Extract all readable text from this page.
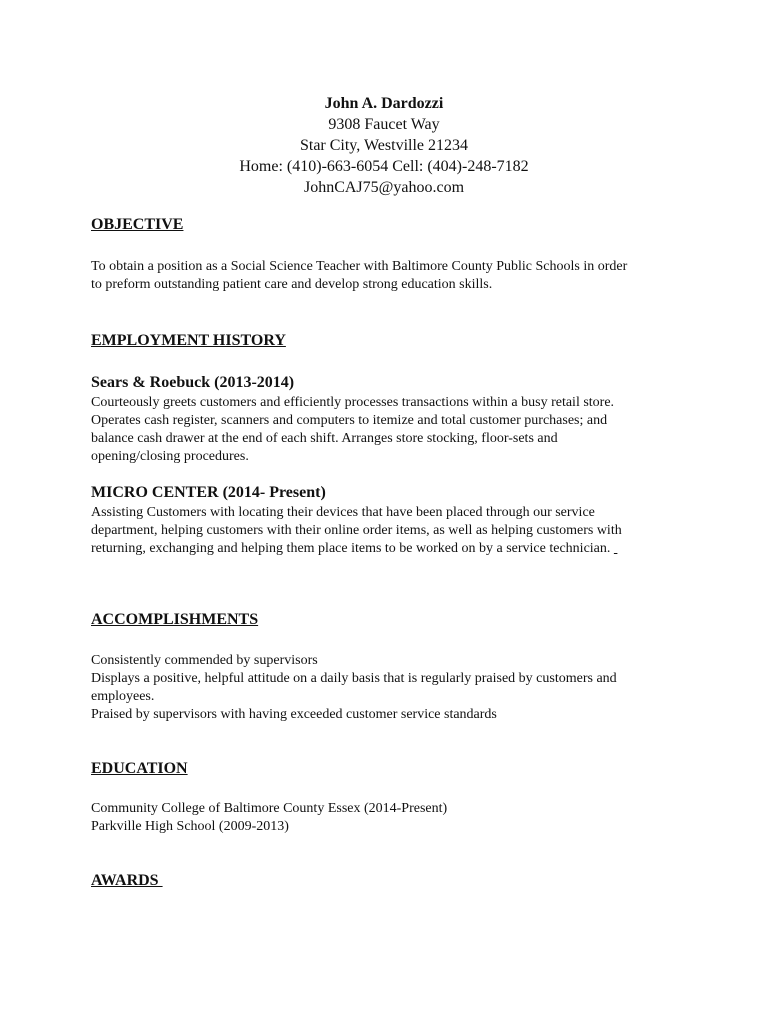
John A. Dardozzi
9308 Faucet Way
Star City, Westville 21234
Home: (410)-663-6054 Cell: (404)-248-7182
JohnCAJ75@yahoo.com
OBJECTIVE

To obtain a position as a Social Science Teacher with Baltimore County Public Schools in order

to preform outstanding patient care and develop strong education skills.

EMPLOYMENT HISTORY
Sears & Roebuck (2013-2014)

Courteously greets customers and efficiently processes transactions within a busy retail store.

Operates cash register, scanners and computers to itemize and total customer purchases; and

balance cash drawer at the end of each shift. Arranges store stocking, floor-sets and

opening/closing procedures.

MICRO CENTER (2014- Present)

Assisting Customers with locating their devices that have been placed through our service

department, helping customers with their online order items, as well as helping customers with

returning, exchanging and helping them place items to be worked on by a service technician.

ACCOMPLISHMENTS

Consistently commended by supervisors

Displays a positive, helpful attitude on a daily basis that is regularly praised by customers and

employees.

Praised by supervisors with having exceeded customer service standards

EDUCATION

Community College of Baltimore County Essex (2014-Present)

Parkville High School (2009-2013)

AWARDS
